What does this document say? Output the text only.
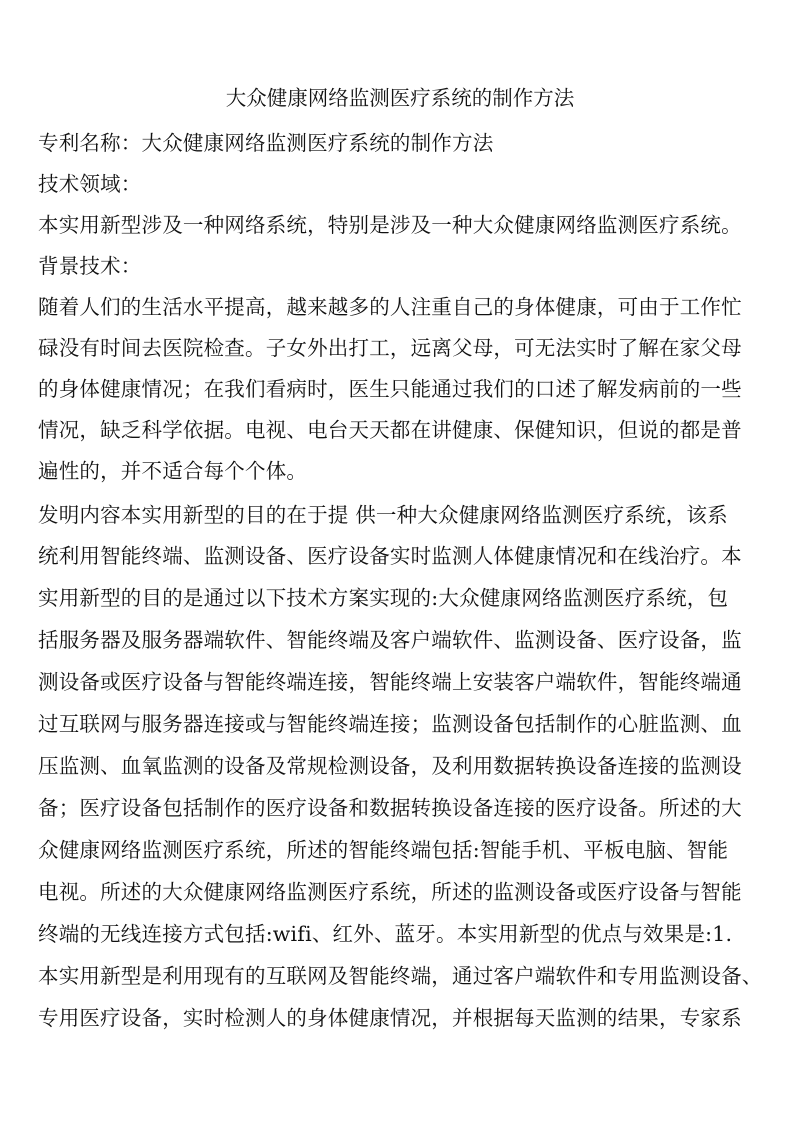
大众健康网络监测医疗系统的制作方法
专利名称：大众健康网络监测医疗系统的制作方法
技术领域：
本实用新型涉及一种网络系统，特别是涉及一种大众健康网络监测医疗系统。
背景技术：
随着人们的生活水平提高，越来越多的人注重自己的身体健康，可由于工作忙
碌没有时间去医院检查。子女外出打工，远离父母，可无法实时了解在家父母
的身体健康情况；在我们看病时，医生只能通过我们的口述了解发病前的一些
情况，缺乏科学依据。电视、电台天天都在讲健康、保健知识，但说的都是普
遍性的，并不适合每个个体。
发明内容本实用新型的目的在于提 供一种大众健康网络监测医疗系统，该系
统利用智能终端、监测设备、医疗设备实时监测人体健康情况和在线治疗。本
实用新型的目的是通过以下技术方案实现的:大众健康网络监测医疗系统，包
括服务器及服务器端软件、智能终端及客户端软件、监测设备、医疗设备，监
测设备或医疗设备与智能终端连接，智能终端上安装客户端软件，智能终端通
过互联网与服务器连接或与智能终端连接；监测设备包括制作的心脏监测、血
压监测、血氧监测的设备及常规检测设备，及利用数据转换设备连接的监测设
备；医疗设备包括制作的医疗设备和数据转换设备连接的医疗设备。所述的大
众健康网络监测医疗系统，所述的智能终端包括:智能手机、平板电脑、智能
电视。所述的大众健康网络监测医疗系统，所述的监测设备或医疗设备与智能
终端的无线连接方式包括:wifi、红外、蓝牙。本实用新型的优点与效果是:1.
本实用新型是利用现有的互联网及智能终端，通过客户端软件和专用监测设备、
专用医疗设备，实时检测人的身体健康情况，并根据每天监测的结果，专家系
